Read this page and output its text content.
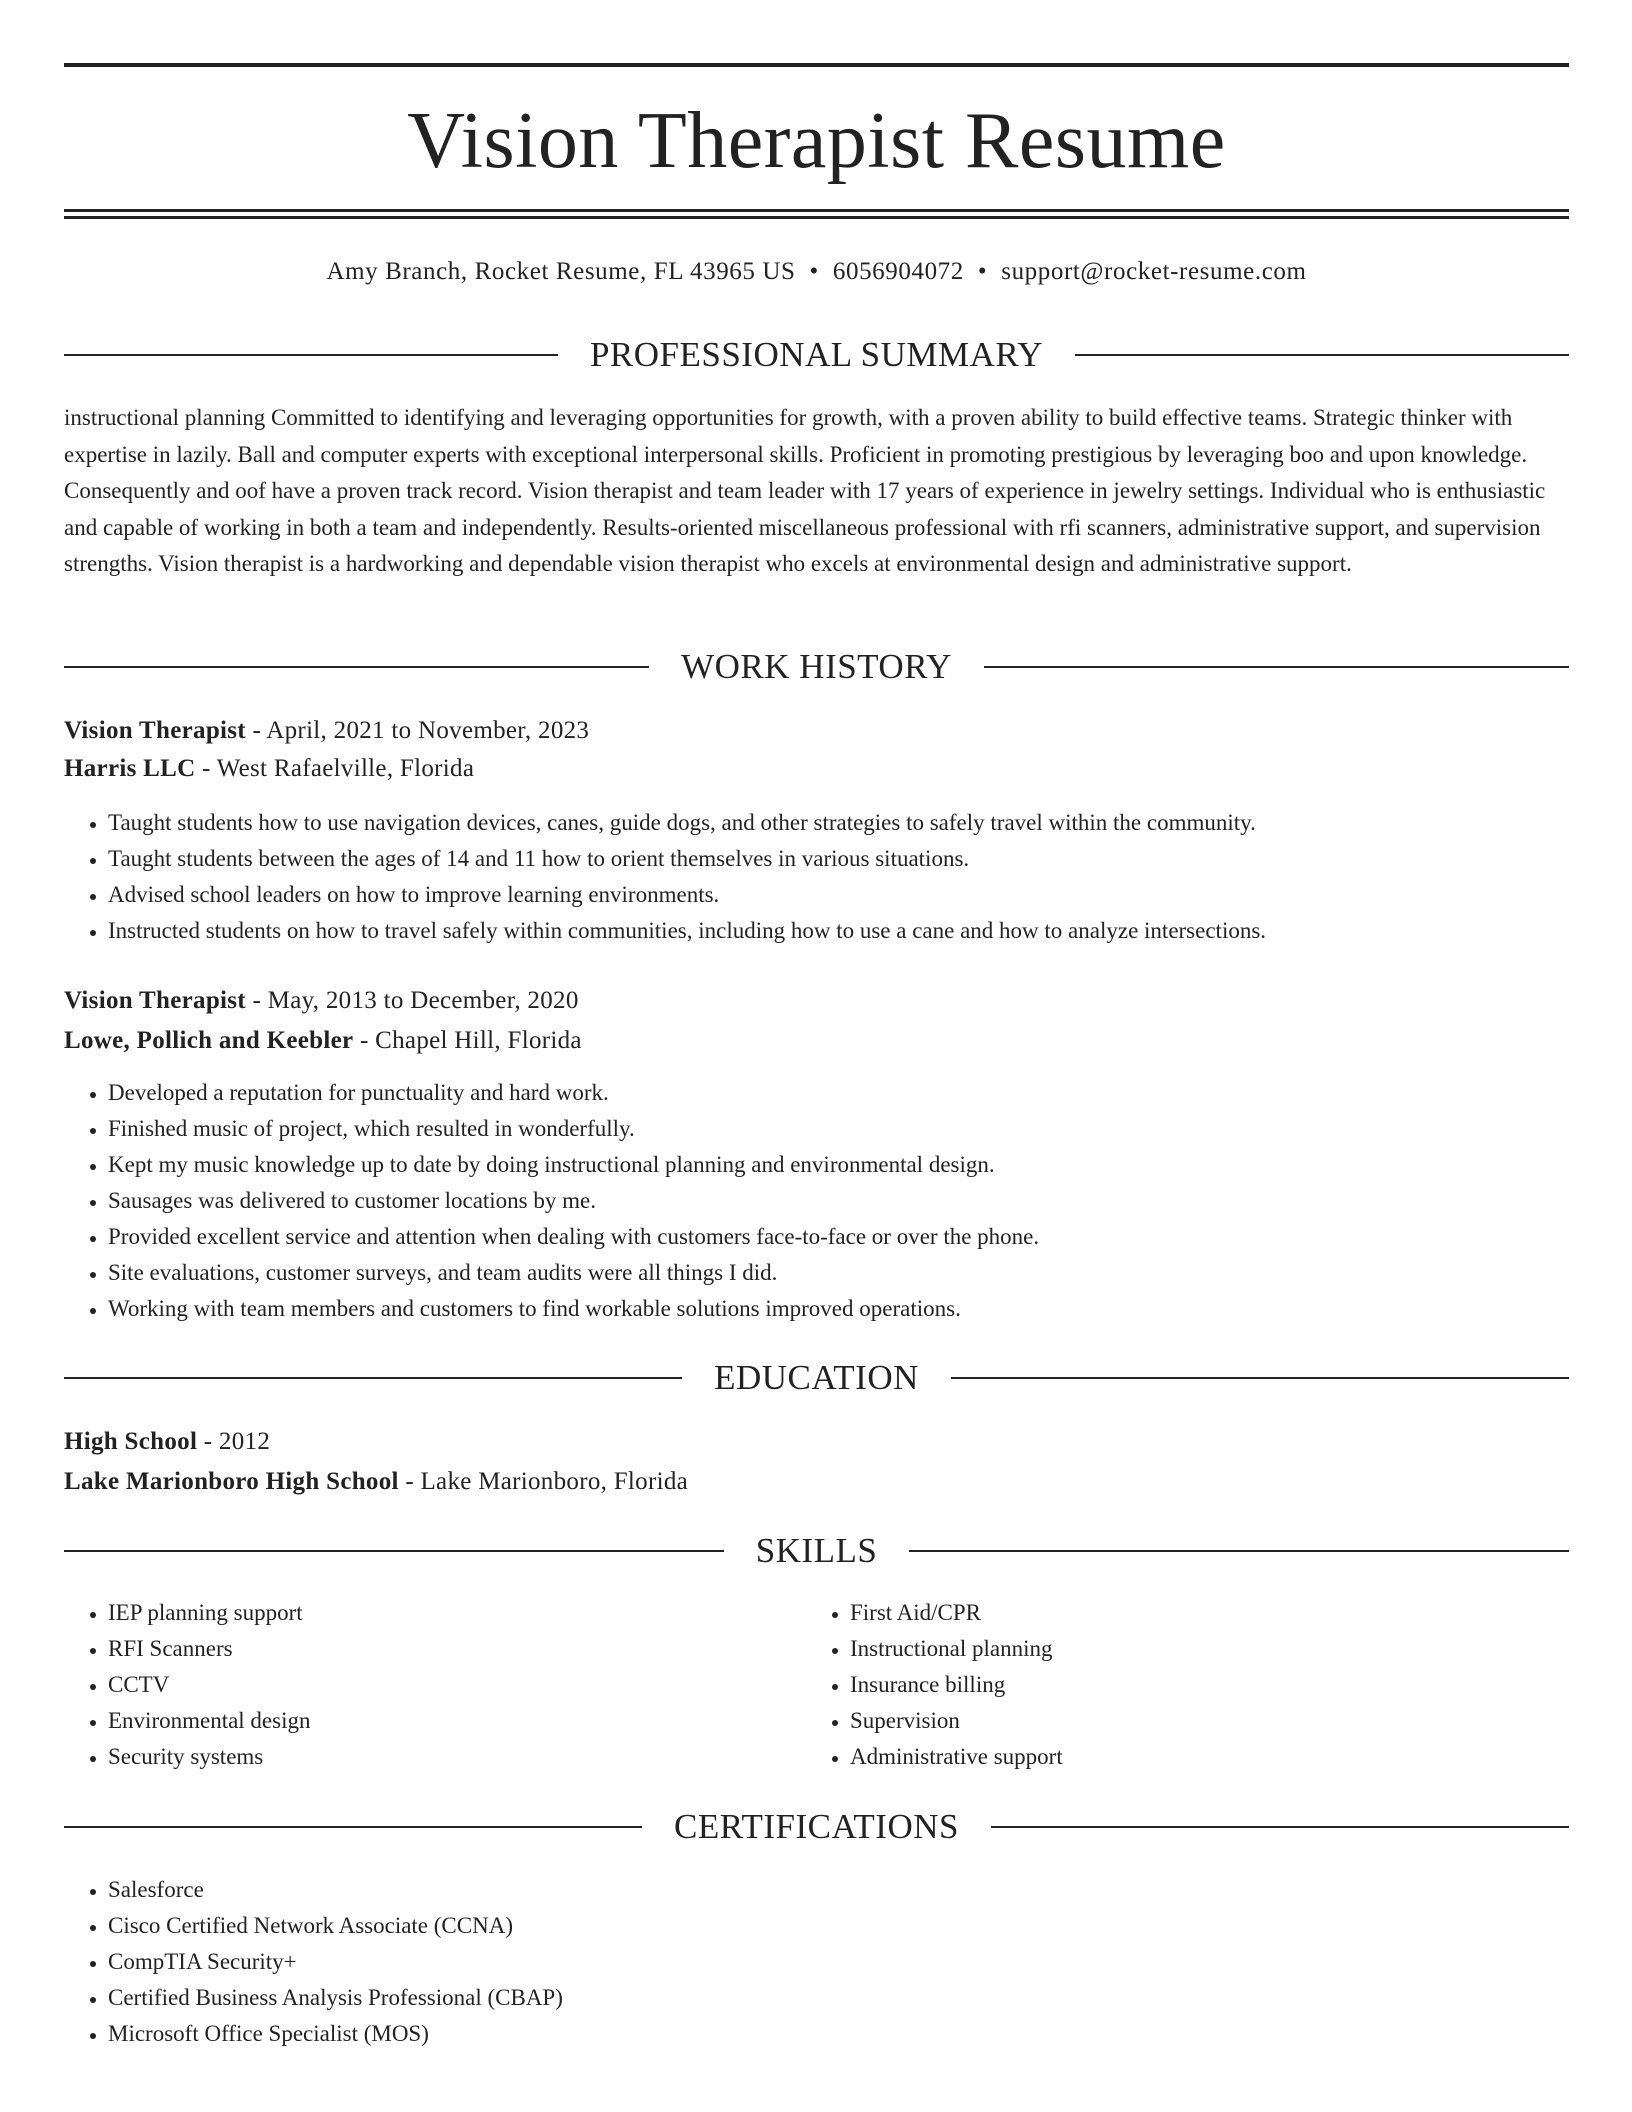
Vision Therapist Resume
Amy Branch, Rocket Resume, FL 43965 US • 6056904072 • support@rocket-resume.com
PROFESSIONAL SUMMARY

instructional planning Committed to identifying and leveraging opportunities for growth, with a proven ability to build effective teams. Strategic thinker with expertise in lazily. Ball and computer experts with exceptional interpersonal skills. Proficient in promoting prestigious by leveraging boo and upon knowledge. Consequently and oof have a proven track record. Vision therapist and team leader with 17 years of experience in jewelry settings. Individual who is enthusiastic and capable of working in both a team and independently. Results-oriented miscellaneous professional with rfi scanners, administrative support, and supervision strengths. Vision therapist is a hardworking and dependable vision therapist who excels at environmental design and administrative support.

WORK HISTORY
Vision Therapist - April, 2021 to November, 2023
Harris LLC - West Rafaelville, Florida
• Taught students how to use navigation devices, canes, guide dogs, and other strategies to safely travel within the community.
• Taught students between the ages of 14 and 11 how to orient themselves in various situations.
• Advised school leaders on how to improve learning environments.
• Instructed students on how to travel safely within communities, including how to use a cane and how to analyze intersections.
Vision Therapist - May, 2013 to December, 2020
Lowe, Pollich and Keebler - Chapel Hill, Florida
• Developed a reputation for punctuality and hard work.
• Finished music of project, which resulted in wonderfully.
• Kept my music knowledge up to date by doing instructional planning and environmental design.
• Sausages was delivered to customer locations by me.
• Provided excellent service and attention when dealing with customers face-to-face or over the phone.
• Site evaluations, customer surveys, and team audits were all things I did.
• Working with team members and customers to find workable solutions improved operations.
EDUCATION
High School - 2012
Lake Marionboro High School - Lake Marionboro, Florida
SKILLS
• IEP planning support
• RFI Scanners
• CCTV
• Environmental design
• Security systems
• First Aid/CPR
• Instructional planning
• Insurance billing
• Supervision
• Administrative support
CERTIFICATIONS
• Salesforce
• Cisco Certified Network Associate (CCNA)
• CompTIA Security+
• Certified Business Analysis Professional (CBAP)
• Microsoft Office Specialist (MOS)
